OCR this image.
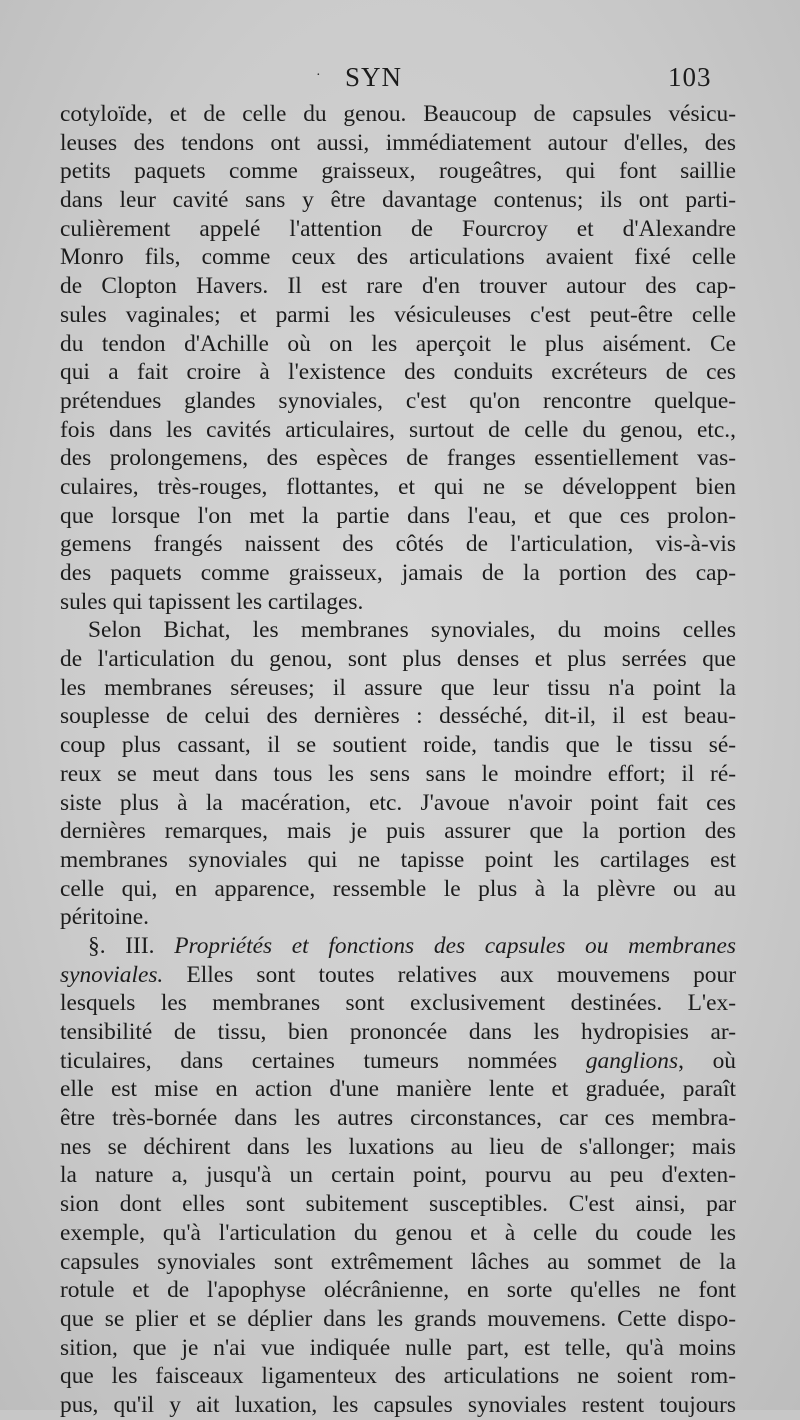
· SYN	103
cotyloïde, et de celle du genou. Beaucoup de capsules vésicu-
leuses des tendons ont aussi, immédiatement autour d'elles, des
petits paquets comme graisseux, rougeâtres, qui font saillie
dans leur cavité sans y être davantage contenus; ils ont parti-
culièrement appelé l'attention de Fourcroy et d'Alexandre
Monro fils, comme ceux des articulations avaient fixé celle
de Clopton Havers. Il est rare d'en trouver autour des cap-
sules vaginales; et parmi les vésiculeuses c'est peut-être celle
du tendon d'Achille où on les aperçoit le plus aisément. Ce
qui a fait croire à l'existence des conduits excréteurs de ces
prétendues glandes synoviales, c'est qu'on rencontre quelque-
fois dans les cavités articulaires, surtout de celle du genou, etc.,
des prolongemens, des espèces de franges essentiellement vas-
culaires, très-rouges, flottantes, et qui ne se développent bien
que lorsque l'on met la partie dans l'eau, et que ces prolon-
gemens frangés naissent des côtés de l'articulation, vis-à-vis
des paquets comme graisseux, jamais de la portion des cap-
sules qui tapissent les cartilages.
Selon Bichat, les membranes synoviales, du moins celles
de l'articulation du genou, sont plus denses et plus serrées que
les membranes séreuses; il assure que leur tissu n'a point la
souplesse de celui des dernières : desséché, dit-il, il est beau-
coup plus cassant, il se soutient roide, tandis que le tissu sé-
reux se meut dans tous les sens sans le moindre effort; il ré-
siste plus à la macération, etc. J'avoue n'avoir point fait ces
dernières remarques, mais je puis assurer que la portion des
membranes synoviales qui ne tapisse point les cartilages est
celle qui, en apparence, ressemble le plus à la plèvre ou au
péritoine.
§. III. Propriétés et fonctions des capsules ou membranes
synoviales. Elles sont toutes relatives aux mouvemens pour
lesquels les membranes sont exclusivement destinées. L'ex-
tensibilité de tissu, bien prononcée dans les hydropisies ar-
ticulaires, dans certaines tumeurs nommées ganglions, où
elle est mise en action d'une manière lente et graduée, paraît
être très-bornée dans les autres circonstances, car ces membra-
nes se déchirent dans les luxations au lieu de s'allonger; mais
la nature a, jusqu'à un certain point, pourvu au peu d'exten-
sion dont elles sont subitement susceptibles. C'est ainsi, par
exemple, qu'à l'articulation du genou et à celle du coude les
capsules synoviales sont extrêmement lâches au sommet de la
rotule et de l'apophyse olécrânienne, en sorte qu'elles ne font
que se plier et se déplier dans les grands mouvemens. Cette dispo-
sition, que je n'ai vue indiquée nulle part, est telle, qu'à moins
que les faisceaux ligamenteux des articulations ne soient rom-
pus, qu'il y ait luxation, les capsules synoviales restent toujours
